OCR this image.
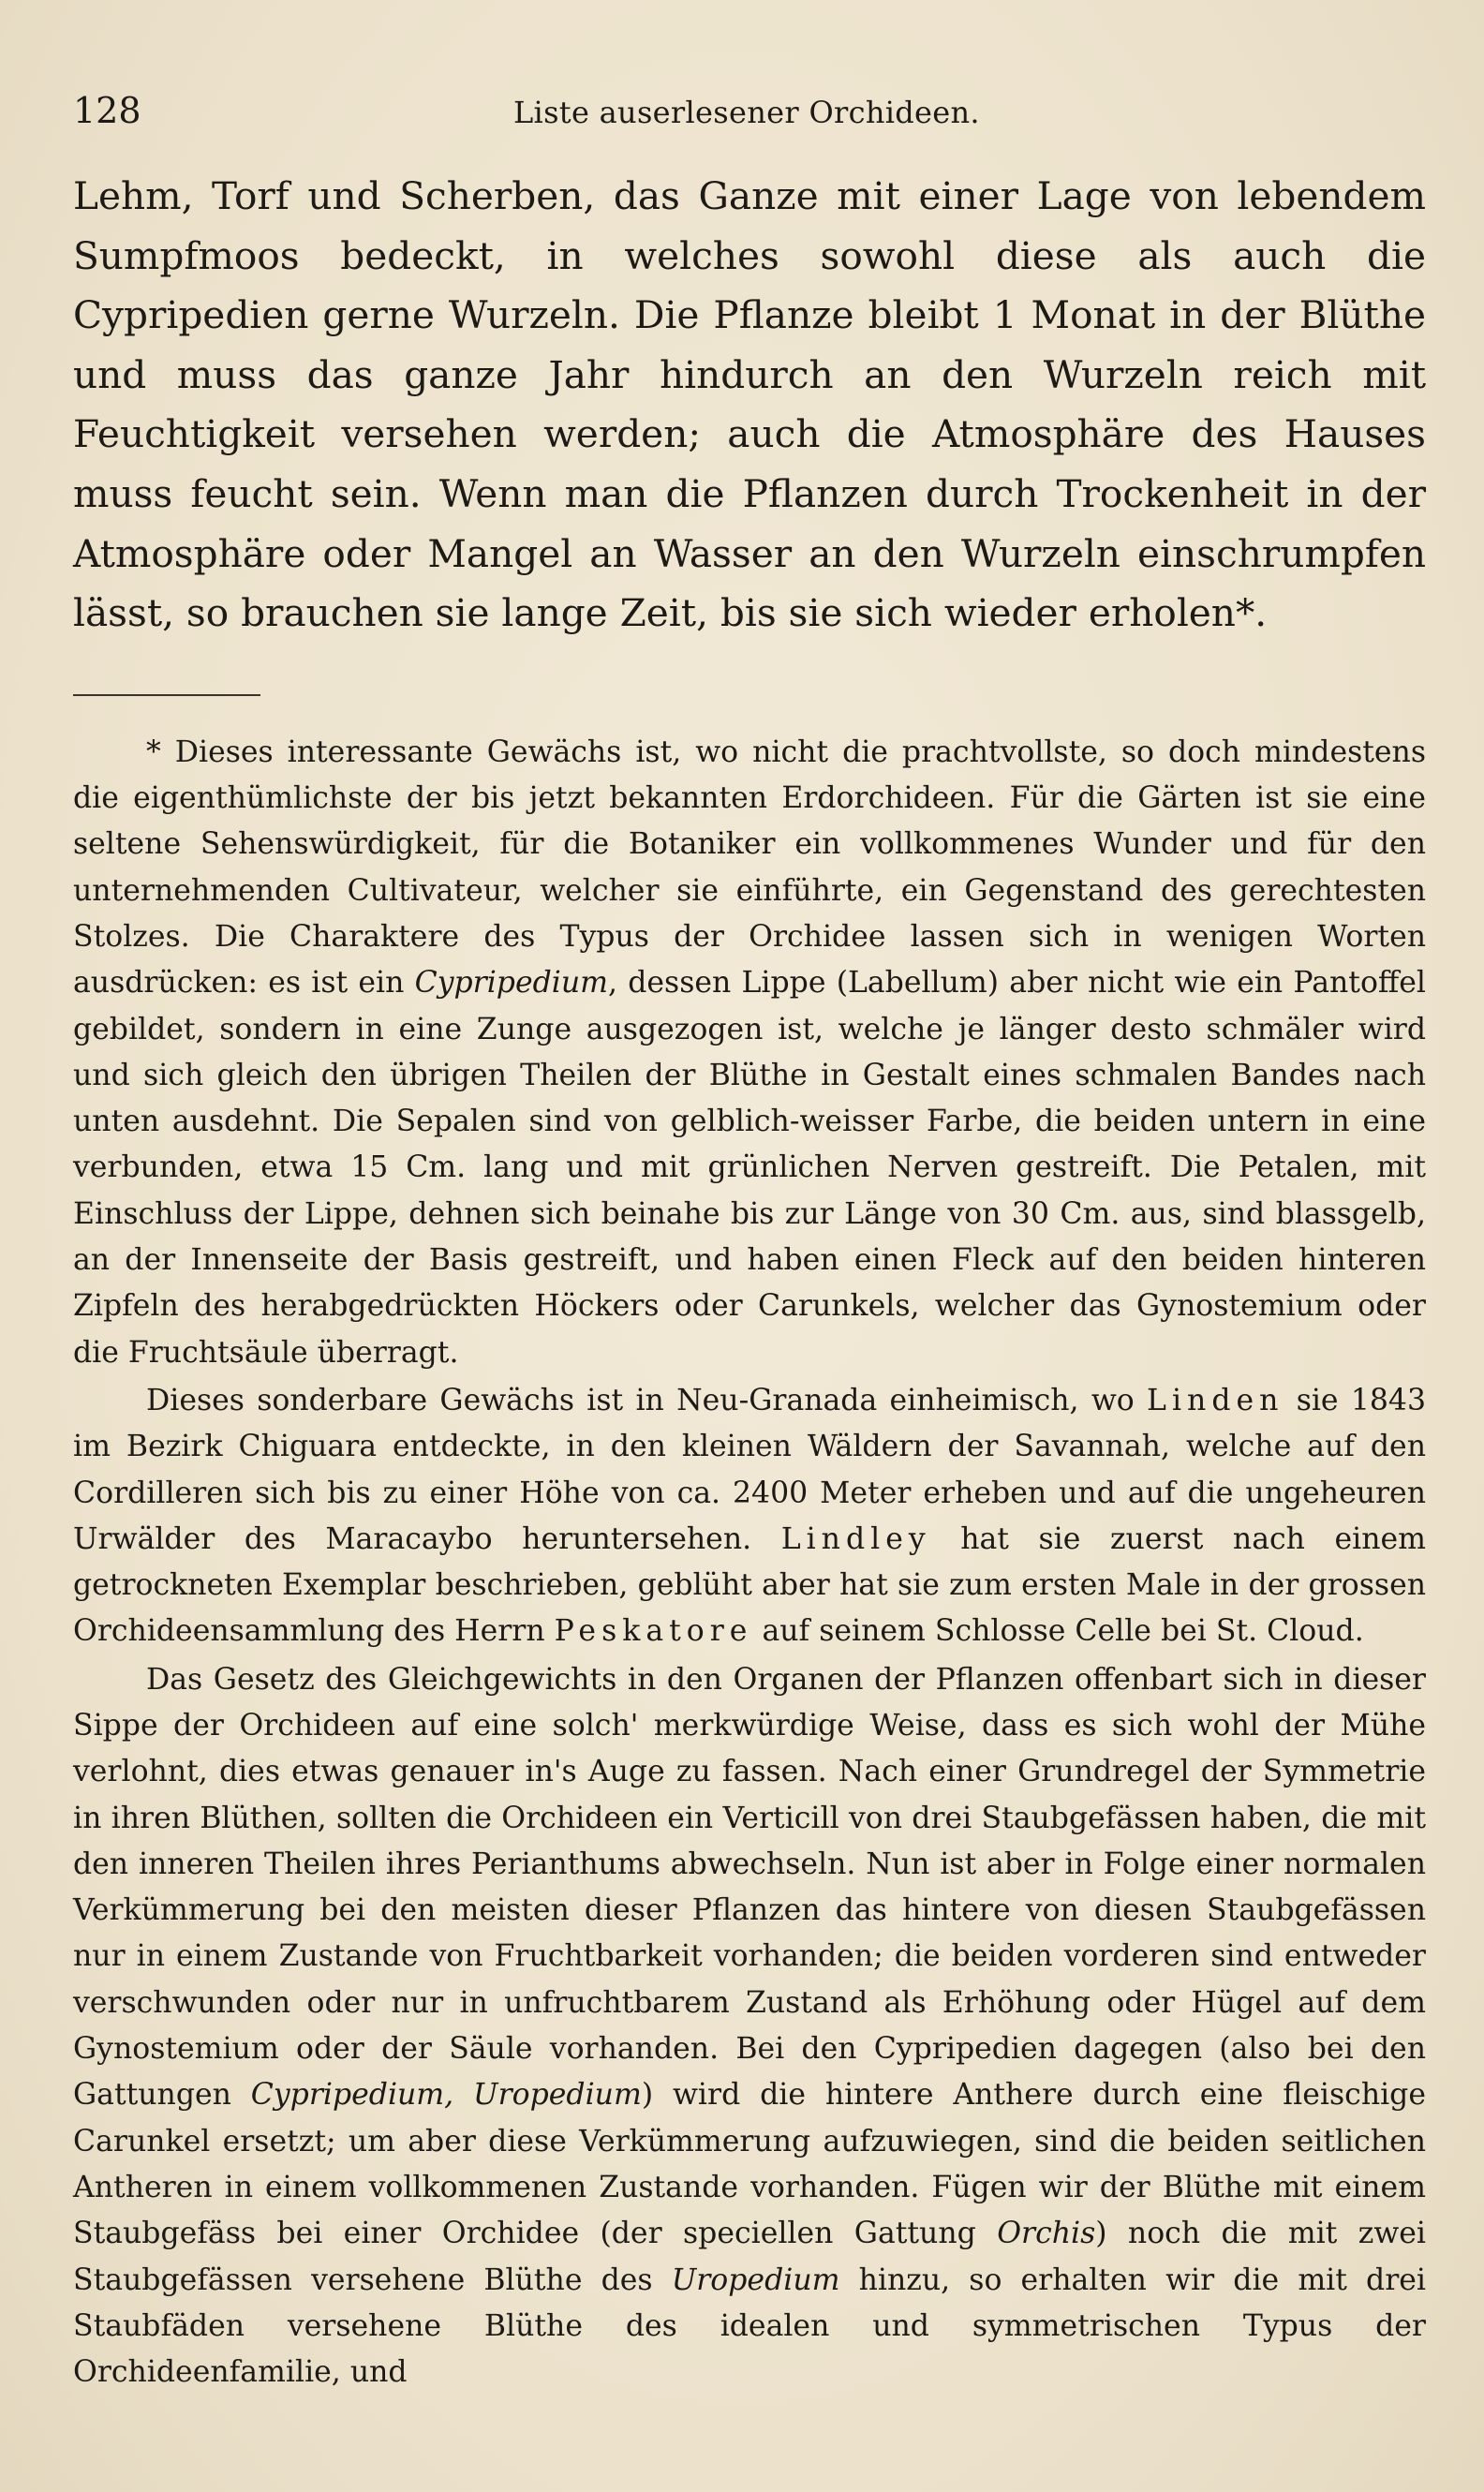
128	Liste auserlesener Orchideen.

Lehm, Torf und Scherben, das Ganze mit einer Lage von lebendem Sumpfmoos bedeckt, in welches sowohl diese als auch die Cypripedien gerne Wurzeln. Die Pflanze bleibt 1 Monat in der Blüthe und muss das ganze Jahr hindurch an den Wurzeln reich mit Feuchtigkeit versehen werden; auch die Atmosphäre des Hauses muss feucht sein. Wenn man die Pflanzen durch Trockenheit in der Atmosphäre oder Mangel an Wasser an den Wurzeln einschrumpfen lässt, so brauchen sie lange Zeit, bis sie sich wieder erholen*.

* Dieses interessante Gewächs ist, wo nicht die prachtvollste, so doch mindestens die eigenthümlichste der bis jetzt bekannten Erdorchideen. Für die Gärten ist sie eine seltene Sehenswürdigkeit, für die Botaniker ein vollkommenes Wunder und für den unternehmenden Cultivateur, welcher sie einführte, ein Gegenstand des gerechtesten Stolzes. Die Charaktere des Typus der Orchidee lassen sich in wenigen Worten ausdrücken: es ist ein Cypripedium, dessen Lippe (Labellum) aber nicht wie ein Pantoffel gebildet, sondern in eine Zunge ausgezogen ist, welche je länger desto schmäler wird und sich gleich den übrigen Theilen der Blüthe in Gestalt eines schmalen Bandes nach unten ausdehnt. Die Sepalen sind von gelblich-weisser Farbe, die beiden untern in eine verbunden, etwa 15 Cm. lang und mit grünlichen Nerven gestreift. Die Petalen, mit Einschluss der Lippe, dehnen sich beinahe bis zur Länge von 30 Cm. aus, sind blassgelb, an der Innenseite der Basis gestreift, und haben einen Fleck auf den beiden hinteren Zipfeln des herabgedrückten Höckers oder Carunkels, welcher das Gynostemium oder die Fruchtsäule überragt.

Dieses sonderbare Gewächs ist in Neu-Granada einheimisch, wo Linden sie 1843 im Bezirk Chiguara entdeckte, in den kleinen Wäldern der Savannah, welche auf den Cordilleren sich bis zu einer Höhe von ca. 2400 Meter erheben und auf die ungeheuren Urwälder des Maracaybo heruntersehen. Lindley hat sie zuerst nach einem getrockneten Exemplar beschrieben, geblüht aber hat sie zum ersten Male in der grossen Orchideensammlung des Herrn Peskatore auf seinem Schlosse Celle bei St. Cloud.

Das Gesetz des Gleichgewichts in den Organen der Pflanzen offenbart sich in dieser Sippe der Orchideen auf eine solch' merkwürdige Weise, dass es sich wohl der Mühe verlohnt, dies etwas genauer in's Auge zu fassen. Nach einer Grundregel der Symmetrie in ihren Blüthen, sollten die Orchideen ein Verticill von drei Staubgefässen haben, die mit den inneren Theilen ihres Perianthums abwechseln. Nun ist aber in Folge einer normalen Verkümmerung bei den meisten dieser Pflanzen das hintere von diesen Staubgefässen nur in einem Zustande von Fruchtbarkeit vorhanden; die beiden vorderen sind entweder verschwunden oder nur in unfruchtbarem Zustand als Erhöhung oder Hügel auf dem Gynostemium oder der Säule vorhanden. Bei den Cypripedien dagegen (also bei den Gattungen Cypripedium, Uropedium) wird die hintere Anthere durch eine fleischige Carunkel ersetzt; um aber diese Verkümmerung aufzuwiegen, sind die beiden seitlichen Antheren in einem vollkommenen Zustande vorhanden. Fügen wir der Blüthe mit einem Staubgefäss bei einer Orchidee (der speciellen Gattung Orchis) noch die mit zwei Staubgefässen versehene Blüthe des Uropedium hinzu, so erhalten wir die mit drei Staubfäden versehene Blüthe des idealen und symmetrischen Typus der Orchideenfamilie, und
